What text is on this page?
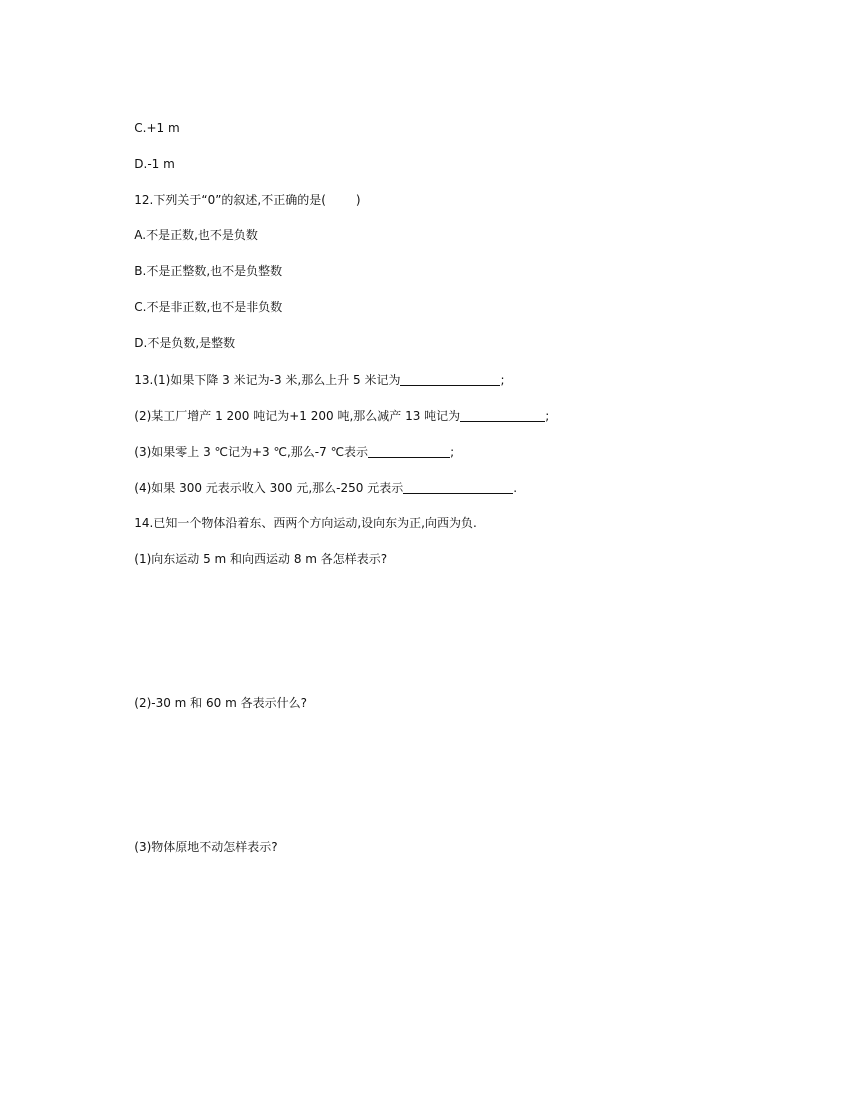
C.+1 m

D.-1 m

12.下列关于“0”的叙述,不正确的是(	)

A.不是正数,也不是负数

B.不是正整数,也不是负整数

C.不是非正数,也不是非负数

D.不是负数,是整数

13.(1)如果下降 3 米记为-3 米,那么上升 5 米记为	;

(2)某工厂增产 1 200 吨记为+1 200 吨,那么减产 13 吨记为	;

(3)如果零上 3 ℃记为+3 ℃,那么-7 ℃表示	;

(4)如果 300 元表示收入 300 元,那么-250 元表示	.

14.已知一个物体沿着东、西两个方向运动,设向东为正,向西为负.

(1)向东运动 5 m 和向西运动 8 m 各怎样表示?

(2)-30 m 和 60 m 各表示什么?

(3)物体原地不动怎样表示?
